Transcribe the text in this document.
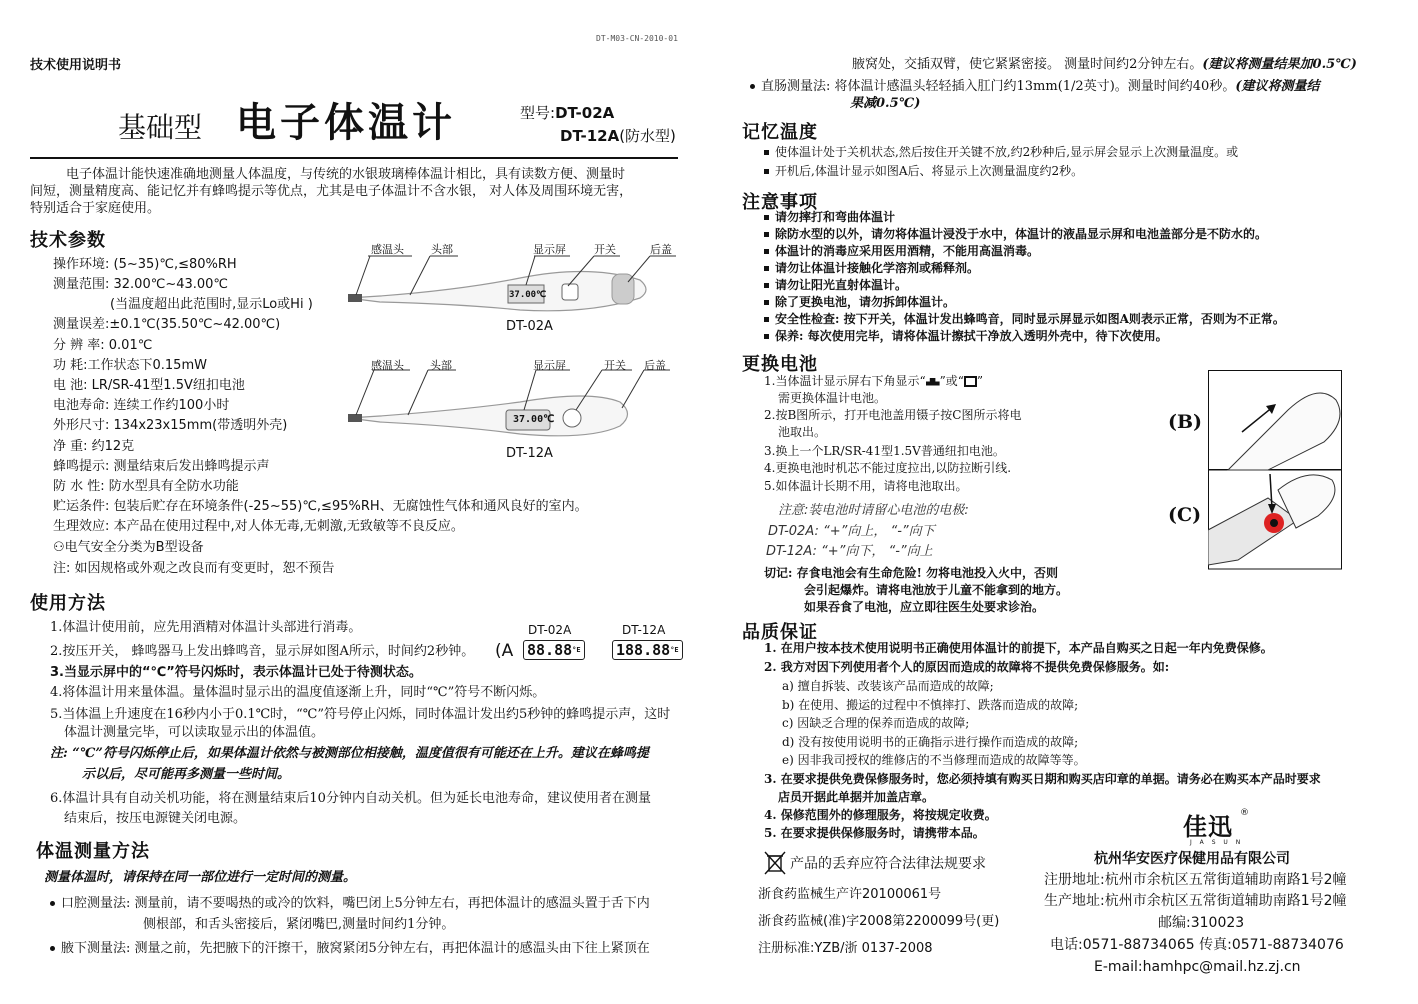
DT-M03-CN-2010-01
技术使用说明书
基础型 电子体温计	型号:DT-02A
DT-12A(防水型)
电子体温计能快速准确地测量人体温度，与传统的水银玻璃棒体温计相比，具有读数方便、测量时
间短，测量精度高、能记忆并有蜂鸣提示等优点，尤其是电子体温计不含水银， 对人体及周围环境无害，
特别适合于家庭使用。
技术参数
操作环境: (5~35)℃,≤80%RH
测量范围: 32.00℃~43.00℃
(当温度超出此范围时,显示Lo或Hi )
测量误差:±0.1℃(35.50℃~42.00℃)
分 辨 率: 0.01℃
功 耗:工作状态下0.15mW
电 池: LR/SR-41型1.5V纽扣电池
电池寿命: 连续工作约100小时
外形尺寸: 134x23x15mm(带透明外壳)
净 重: 约12克
蜂鸣提示: 测量结束后发出蜂鸣提示声
防 水 性: 防水型具有全防水功能
贮运条件: 包装后贮存在环境条件(-25~55)℃,≤95%RH、无腐蚀性气体和通风良好的室内。
生理效应: 本产品在使用过程中,对人体无毒,无刺激,无致敏等不良反应。
⚇电气安全分类为B型设备
注: 如因规格或外观之改良而有变更时，恕不预告
感温头 头部	显示屏	开关	后盖
37.00℃
DT-02A
感温头 头部	显示屏	开关 后盖
37.00℃
DT-12A
使用方法
1.体温计使用前，应先用酒精对体温计头部进行消毒。
2.按压开关， 蜂鸣器马上发出蜂鸣音，显示屏如图A所示，时间约2秒钟。
3.当显示屏中的“℃”符号闪烁时，表示体温计已处于待测状态。
4.将体温计用来量体温。量体温时显示出的温度值逐渐上升，同时“℃”符号不断闪烁。
5.当体温上升速度在16秒内小于0.1℃时，“℃”符号停止闪烁，同时体温计发出约5秒钟的蜂鸣提示声，这时
体温计测量完毕，可以读取显示出的体温值。
注: “℃”符号闪烁停止后，如果体温计依然与被测部位相接触，温度值很有可能还在上升。建议在蜂鸣提
示以后，尽可能再多测量一些时间。
6.体温计具有自动关机功能，将在测量结束后10分钟内自动关机。但为延长电池寿命，建议使用者在测量
结束后，按压电源键关闭电源。
(A
DT-02A	DT-12A
$88.88^{^\circ E}$ $188.88^{^\circ E}$
体温测量方法
测量体温时，请保持在同一部位进行一定时间的测量。
口腔测量法: 测量前，请不要喝热的或冷的饮料，嘴巴闭上5分钟左右，再把体温计的感温头置于舌下内
侧根部，和舌头密接后，紧闭嘴巴,测量时间约1分钟。
腋下测量法: 测量之前，先把腋下的汗擦干，腋窝紧闭5分钟左右，再把体温计的感温头由下往上紧顶在
腋窝处，交插双臂，使它紧紧密接。 测量时间约2分钟左右。(建议将测量结果加0.5℃)
直肠测量法: 将体温计感温头轻轻插入肛门约13mm(1/2英寸)。测量时间约40秒。(建议将测量结
果减0.5℃)
记忆温度
使体温计处于关机状态,然后按住开关键不放,约2秒种后,显示屏会显示上次测量温度。或
开机后,体温计显示如图A后、将显示上次测量温度约2秒。
注意事项
请勿摔打和弯曲体温计
除防水型的以外，请勿将体温计浸没于水中，体温计的液晶显示屏和电池盖部分是不防水的。
体温计的消毒应采用医用酒精，不能用高温消毒。
请勿让体温计接触化学溶剂或稀释剂。
请勿让阳光直射体温计。
除了更换电池，请勿拆卸体温计。
安全性检查: 按下开关，体温计发出蜂鸣音，同时显示屏显示如图A则表示正常，否则为不正常。
保养: 每次使用完毕，请将体温计擦拭干净放入透明外壳中，待下次使用。
更换电池
1.当体温计显示屏右下角显示“ ”或“ ”
需更换体温计电池。
2.按B图所示，打开电池盖用镊子按C图所示将电
池取出。
3.换上一个LR/SR-41型1.5V普通纽扣电池。
4.更换电池时机芯不能过度拉出,以防拉断引线.
5.如体温计长期不用，请将电池取出。
注意:装电池时请留心电池的电极:
DT-02A: “+”向上， “-”向下
DT-12A: “+”向下， “-”向上
切记: 存食电池会有生命危险! 勿将电池投入火中，否则
会引起爆炸。请将电池放于儿童不能拿到的地方。
如果吞食了电池，应立即往医生处要求诊治。
(B)
(C)
品质保证
1. 在用户按本技术使用说明书正确使用体温计的前提下，本产品自购买之日起一年内免费保修。
2. 我方对因下列使用者个人的原因而造成的故障将不提供免费保修服务。如:
a) 擅自拆装、改装该产品而造成的故障;
b) 在使用、搬运的过程中不慎摔打、跌落而造成的故障;
c) 因缺乏合理的保养而造成的故障;
d) 没有按使用说明书的正确指示进行操作而造成的故障;
e) 因非我司授权的维修店的不当修理而造成的故障等等。
3. 在要求提供免费保修服务时，您必须持填有购买日期和购买店印章的单据。请务必在购买本产品时要求
店员开据此单据并加盖店章。
4. 保修范围外的修理服务，将按规定收费。
5. 在要求提供保修服务时，请携带本品。
产品的丢弃应符合法律法规要求
浙食药监械生产许20100061号
浙食药监械(准)字2008第2200099号(更)
注册标准:YZB/浙 0137-2008
佳迅 ®
J A S U N
杭州华安医疗保健用品有限公司
注册地址:杭州市余杭区五常街道辅助南路1号2幢
生产地址:杭州市余杭区五常街道辅助南路1号2幢
邮编:310023
电话:0571-88734065 传真:0571-88734076
E-mail:hamhpc@mail.hz.zj.cn
